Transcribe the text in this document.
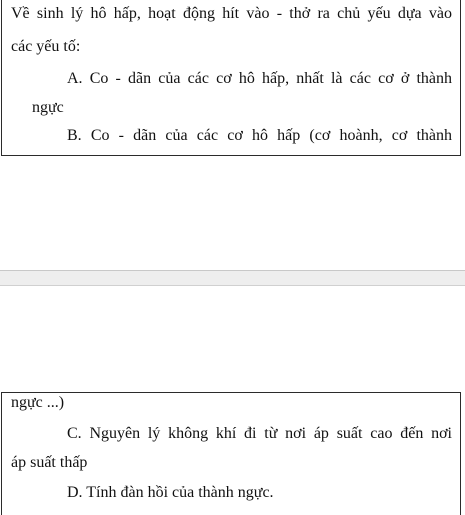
Về sinh lý hô hấp, hoạt động hít vào - thở ra chủ yếu dựa vào
các yếu tố:
A. Co - dãn của các cơ hô hấp, nhất là các cơ ở thành
ngực
B. Co - dãn của các cơ hô hấp (cơ hoành, cơ thành
ngực ...)
C. Nguyên lý không khí đi từ nơi áp suất cao đến nơi
áp suất thấp
D. Tính đàn hồi của thành ngực.
